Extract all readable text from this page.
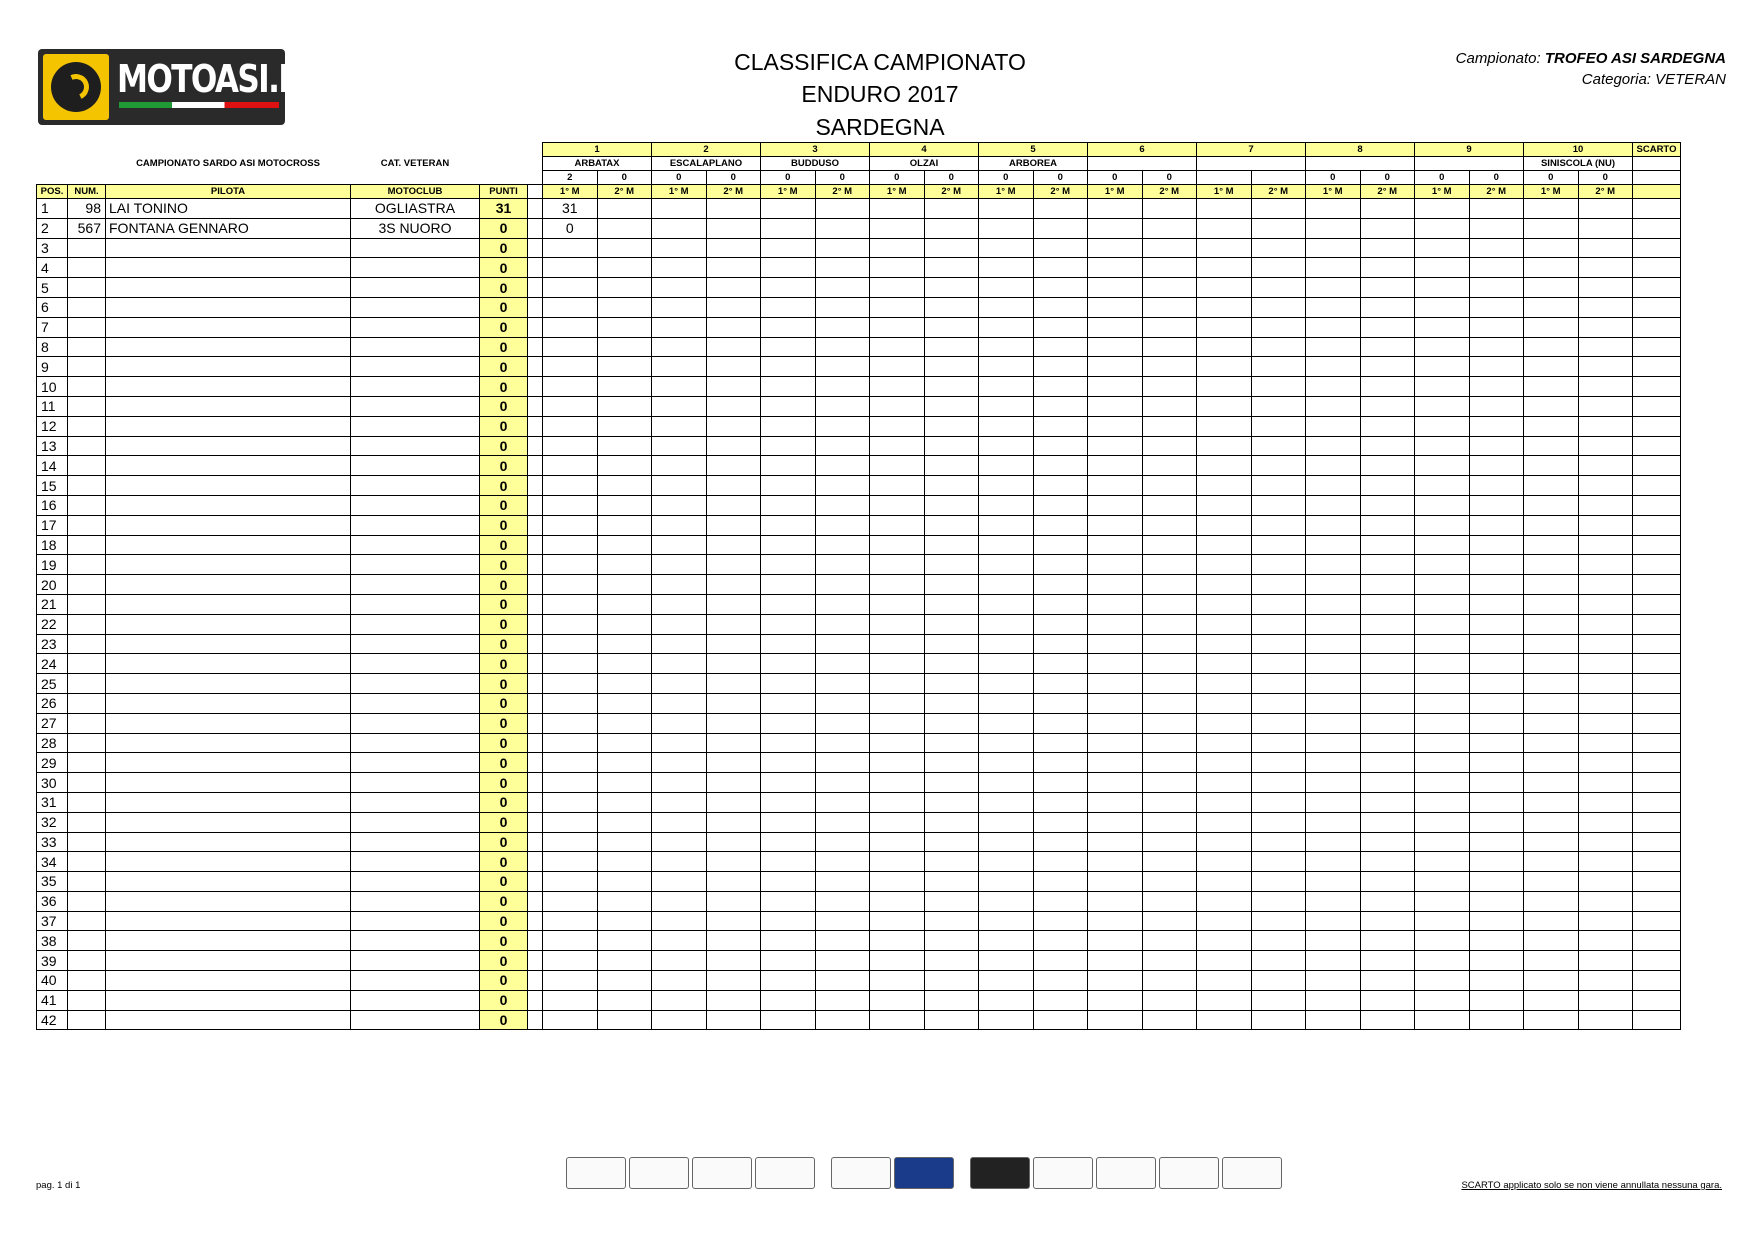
MOTOASI.IT	CLASSIFICA CAMPIONATO
ENDURO 2017
SARDEGNA
Campionato: TROFEO ASI SARDEGNA
Categoria: VETERAN
						1		2		3		4		5		6		7		8		9		10		SCARTO
		CAMPIONATO SARDO ASI MOTOCROSS	CAT. VETERAN			ARBATAX		ESCALAPLANO		BUDDUSO		OLZAI		ARBOREA										SINISCOLA (NU)		
						2	0	0	0	0	0	0	0	0	0	0	0			0	0	0	0	0	0	
POS.	NUM.	PILOTA	MOTOCLUB	PUNTI		1° M	2° M	1° M	2° M	1° M	2° M	1° M	2° M	1° M	2° M	1° M	2° M	1° M	2° M	1° M	2° M	1° M	2° M	1° M	2° M	
1	98	LAI TONINO	OGLIASTRA	31		31																				
2	567	FONTANA GENNARO	3S NUORO	0		0																				
3				0																						
4				0																						
5				0																						
6				0																						
7				0																						
8				0																						
9				0																						
10				0																						
11				0																						
12				0																						
13				0																						
14				0																						
15				0																						
16				0																						
17				0																						
18				0																						
19				0																						
20				0																						
21				0																						
22				0																						
23				0																						
24				0																						
25				0																						
26				0																						
27				0																						
28				0																						
29				0																						
30				0																						
31				0																						
32				0																						
33				0																						
34				0																						
35				0																						
36				0																						
37				0																						
38				0																						
39				0																						
40				0																						
41				0																						
42				0																						
pag. 1 di 1	SCARTO applicato solo se non viene annullata nessuna gara.
